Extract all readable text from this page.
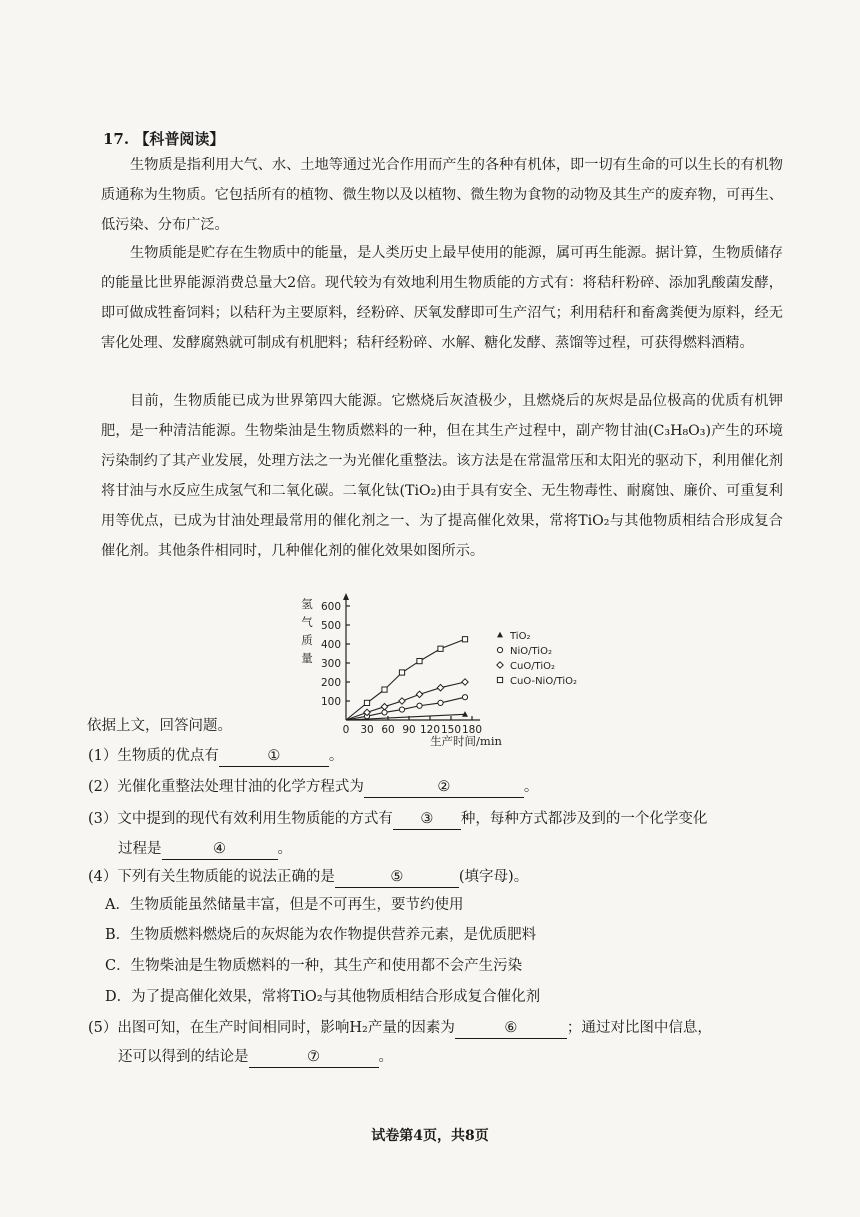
17. 【科普阅读】

生物质是指利用大气、水、土地等通过光合作用而产生的各种有机体，即一切有生命的可以生长的有机物质通称为生物质。它包括所有的植物、微生物以及以植物、微生物为食物的动物及其生产的废弃物，可再生、低污染、分布广泛。

生物质能是贮存在生物质中的能量，是人类历史上最早使用的能源，属可再生能源。据计算，生物质储存的能量比世界能源消费总量大2倍。现代较为有效地利用生物质能的方式有：将秸秆粉碎、添加乳酸菌发酵，即可做成牲畜饲料；以秸秆为主要原料，经粉碎、厌氧发酵即可生产沼气；利用秸秆和畜禽粪便为原料，经无害化处理、发酵腐熟就可制成有机肥料；秸秆经粉碎、水解、糖化发酵、蒸馏等过程，可获得燃料酒精。

目前，生物质能已成为世界第四大能源。它燃烧后灰渣极少，且燃烧后的灰烬是品位极高的优质有机钾肥，是一种清洁能源。生物柴油是生物质燃料的一种，但在其生产过程中，副产物甘油(C₃H₈O₃)产生的环境污染制约了其产业发展，处理方法之一为光催化重整法。该方法是在常温常压和太阳光的驱动下，利用催化剂将甘油与水反应生成氢气和二氧化碳。二氧化钛(TiO₂)由于具有安全、无生物毒性、耐腐蚀、廉价、可重复利用等优点，已成为甘油处理最常用的催化剂之一、为了提高催化效果，常将TiO₂与其他物质相结合形成复合催化剂。其他条件相同时，几种催化剂的催化效果如图所示。

100
200
300
400
500
600
0 30 60 90 120 150 180
生产时间/min
氢
气
质
量
TiO₂
NiO/TiO₂
CuO/TiO₂
CuO-NiO/TiO₂
依据上文，回答问题。
(1）生物质的优点有	①	。
(2）光催化重整法处理甘油的化学方程式为	②	。
(3）文中提到的现代有效利用生物质能的方式有 ③ 种，每种方式都涉及到的一个化学变化
过程是	④	。
(4）下列有关生物质能的说法正确的是	⑤	(填字母)。
A．生物质能虽然储量丰富，但是不可再生，要节约使用
B．生物质燃料燃烧后的灰烬能为农作物提供营养元素，是优质肥料
C．生物柴油是生物质燃料的一种，其生产和使用都不会产生污染
D．为了提高催化效果，常将TiO₂与其他物质相结合形成复合催化剂
(5）出图可知，在生产时间相同时，影响H₂产量的因素为	⑥	；通过对比图中信息，
还可以得到的结论是	⑦	。
试卷第4页，共8页
